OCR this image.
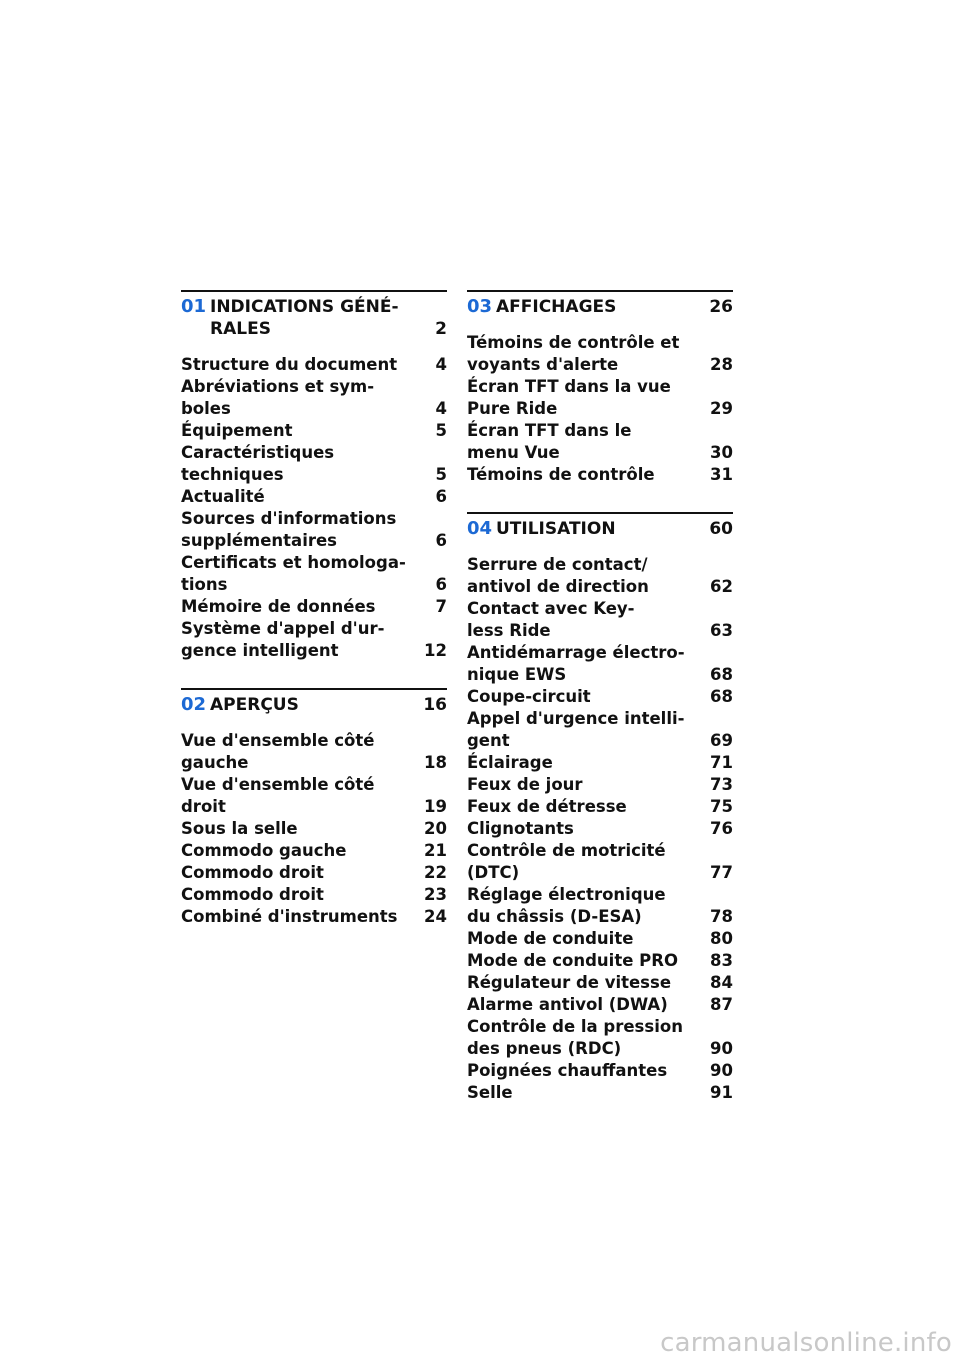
01 INDICATIONS GÉNÉ-
RALES	2
Structure du document	4
Abréviations et sym-
boles	4
Équipement	5
Caractéristiques
techniques	5
Actualité	6
Sources d'informations
supplémentaires	6
Certificats et homologa-
tions	6
Mémoire de données	7
Système d'appel d'ur-
gence intelligent	12
02 APERÇUS	16
Vue d'ensemble côté
gauche	18
Vue d'ensemble côté
droit	19
Sous la selle	20
Commodo gauche	21
Commodo droit	22
Commodo droit	23
Combiné d'instruments	24
03 AFFICHAGES	26
Témoins de contrôle et
voyants d'alerte	28
Écran TFT dans la vue
Pure Ride	29
Écran TFT dans le
menu Vue	30
Témoins de contrôle	31
04 UTILISATION	60
Serrure de contact/
antivol de direction	62
Contact avec Key-
less Ride	63
Antidémarrage électro-
nique EWS	68
Coupe-circuit	68
Appel d'urgence intelli-
gent	69
Éclairage	71
Feux de jour	73
Feux de détresse	75
Clignotants	76
Contrôle de motricité
(DTC)	77
Réglage électronique
du châssis (D-ESA)	78
Mode de conduite	80
Mode de conduite PRO	83
Régulateur de vitesse	84
Alarme antivol (DWA)	87
Contrôle de la pression
des pneus (RDC)	90
Poignées chauffantes	90
Selle	91
carmanualsonline.info
